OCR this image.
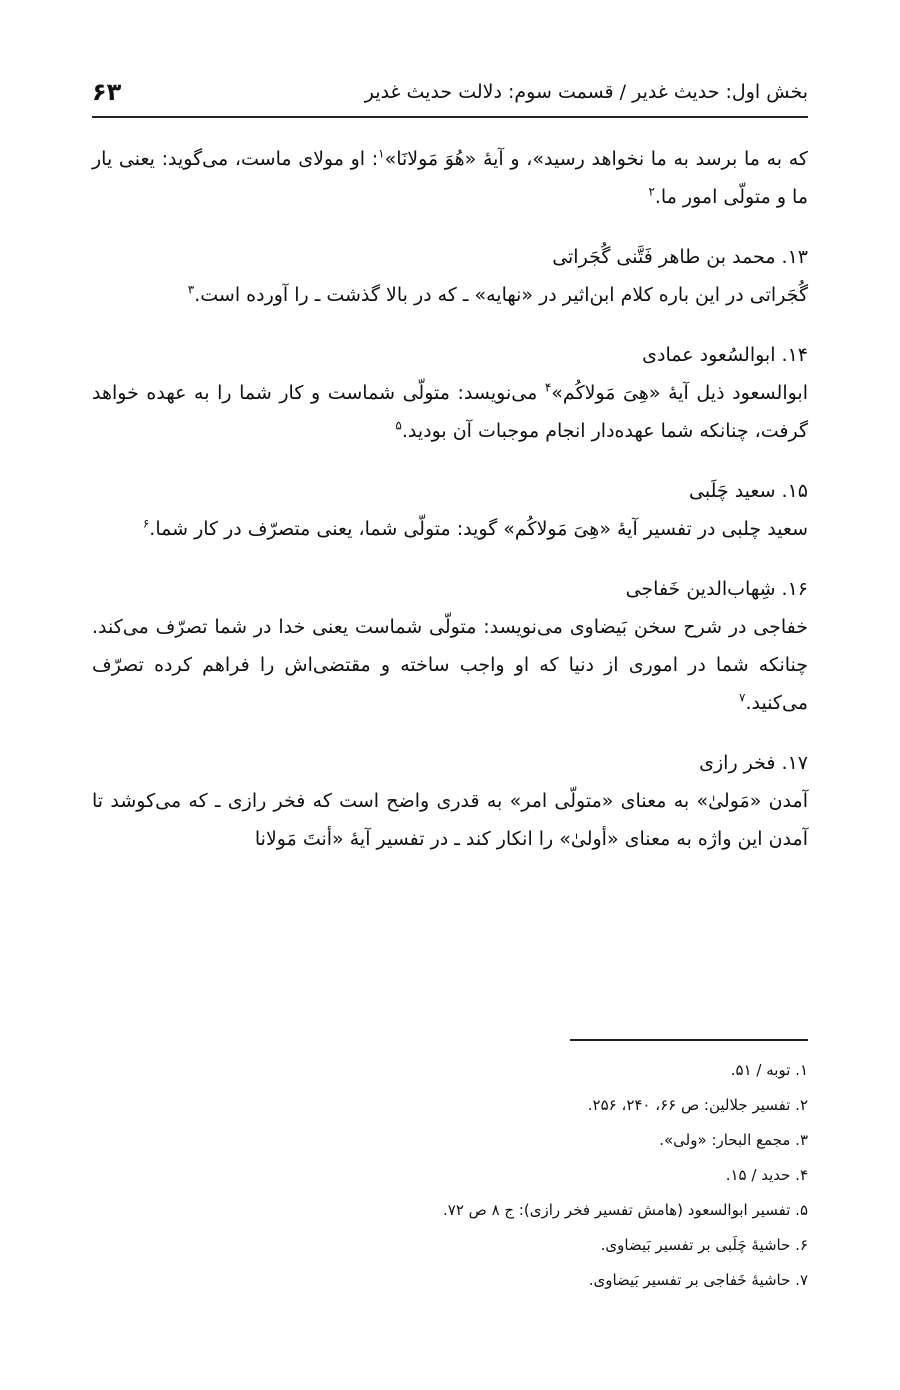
بخش اول: حدیث غدیر / قسمت سوم: دلالت حدیث غدیر
۶۳

که به ما برسد به ما نخواهد رسید»، و آیهٔ «هُوَ مَولانَا»$^۱$: او مولای ماست، می‌گوید: یعنی یار ما و متولّی امور ما.$^۲$

۱۳. محمد بن طاهر فَتَّنی گُجَراتی

گُجَراتی در این باره کلام ابن‌اثیر در «نهایه» ـ که در بالا گذشت ـ را آورده است.$^۳$

۱۴. ابوالسُعود عمادی

ابوالسعود ذیل آیهٔ «هِیَ مَولاکُم»$^۴$ می‌نویسد: متولّی شماست و کار شما را به عهده خواهد گرفت، چنانکه شما عهده‌دار انجام موجبات آن بودید.$^۵$

۱۵. سعید چَلَبی

سعید چلبی در تفسیر آیهٔ «هِیَ مَولاکُم» گوید: متولّی شما، یعنی متصرّف در کار شما.$^۶$

۱۶. شِهاب‌الدین خَفاجی

خفاجی در شرح سخن بَیضاوی می‌نویسد: متولّی شماست یعنی خدا در شما تصرّف می‌کند. چنانکه شما در اموری از دنیا که او واجب ساخته و مقتضی‌اش را فراهم کرده تصرّف می‌کنید.$^۷$

۱۷. فخر رازی

آمدن «مَولیٰ» به معنای «متولّی امر» به قدری واضح است که فخر رازی ـ که می‌کوشد تا آمدن این واژه به معنای «أولیٰ» را انکار کند ـ در تفسیر آیهٔ «أنتَ مَولانا

۱. توبه / ۵۱.

۲. تفسیر جلالین: ص ۶۶، ۲۴۰، ۲۵۶.

۳. مجمع البحار: «ولی».

۴. حدید / ۱۵.

۵. تفسیر ابوالسعود (هامش تفسیر فخر رازی): ج ۸ ص ۷۲.

۶. حاشیهٔ چَلَبی بر تفسیر بَیضاوی.

۷. حاشیهٔ خَفاجی بر تفسیر بَیضاوی.
